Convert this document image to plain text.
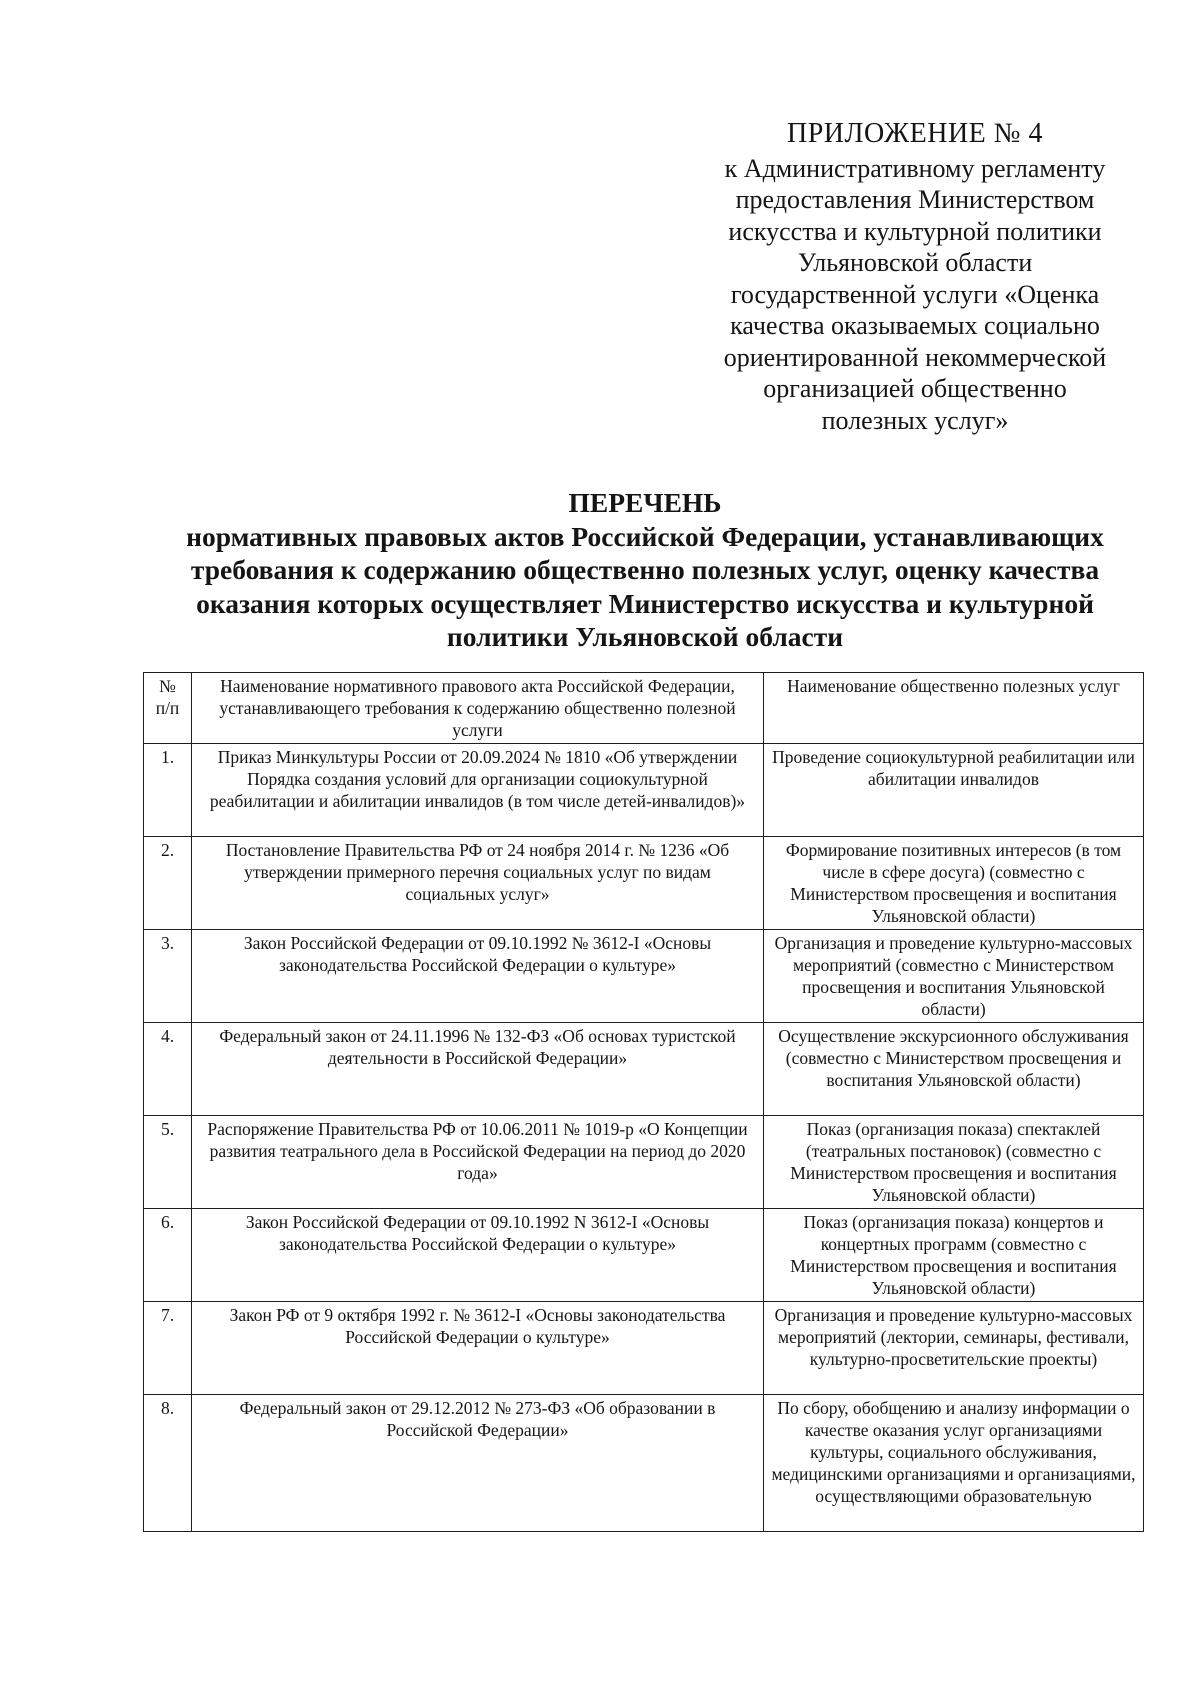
ПРИЛОЖЕНИЕ № 4
к Административному регламенту
предоставления Министерством
искусства и культурной политики
Ульяновской области
государственной услуги «Оценка
качества оказываемых социально
ориентированной некоммерческой
организацией общественно
полезных услуг»
ПЕРЕЧЕНЬ
нормативных правовых актов Российской Федерации, устанавливающих
требования к содержанию общественно полезных услуг, оценку качества
оказания которых осуществляет Министерство искусства и культурной
политики Ульяновской области
№ п/п	Наименование нормативного правового акта Российской Федерации, устанавливающего требования к содержанию общественно полезной услуги	Наименование общественно полезных услуг
1.	Приказ Минкультуры России от 20.09.2024 № 1810 «Об утверждении Порядка создания условий для организации социокультурной реабилитации и абилитации инвалидов (в том числе детей-инвалидов)»	Проведение социокультурной реабилитации или абилитации инвалидов
2.	Постановление Правительства РФ от 24 ноября 2014 г. № 1236 «Об утверждении примерного перечня социальных услуг по видам социальных услуг»	Формирование позитивных интересов (в том числе в сфере досуга) (совместно с Министерством просвещения и воспитания Ульяновской области)
3.	Закон Российской Федерации от 09.10.1992 № 3612-I «Основы законодательства Российской Федерации о культуре»	Организация и проведение культурно-массовых мероприятий (совместно с Министерством просвещения и воспитания Ульяновской области)
4.	Федеральный закон от 24.11.1996 № 132-ФЗ «Об основах туристской деятельности в Российской Федерации»	Осуществление экскурсионного обслуживания (совместно с Министерством просвещения и воспитания Ульяновской области)
5.	Распоряжение Правительства РФ от 10.06.2011 № 1019-р «О Концепции развития театрального дела в Российской Федерации на период до 2020 года»	Показ (организация показа) спектаклей (театральных постановок) (совместно с Министерством просвещения и воспитания Ульяновской области)
6.	Закон Российской Федерации от 09.10.1992 N 3612-I «Основы законодательства Российской Федерации о культуре»	Показ (организация показа) концертов и концертных программ (совместно с Министерством просвещения и воспитания Ульяновской области)
7.	Закон РФ от 9 октября 1992 г. № 3612-I «Основы законодательства Российской Федерации о культуре»	Организация и проведение культурно-массовых мероприятий (лектории, семинары, фестивали, культурно-просветительские проекты)
8.	Федеральный закон от 29.12.2012 № 273-ФЗ «Об образовании в Российской Федерации»	По сбору, обобщению и анализу информации о качестве оказания услуг организациями культуры, социального обслуживания, медицинскими организациями и организациями, осуществляющими образовательную
